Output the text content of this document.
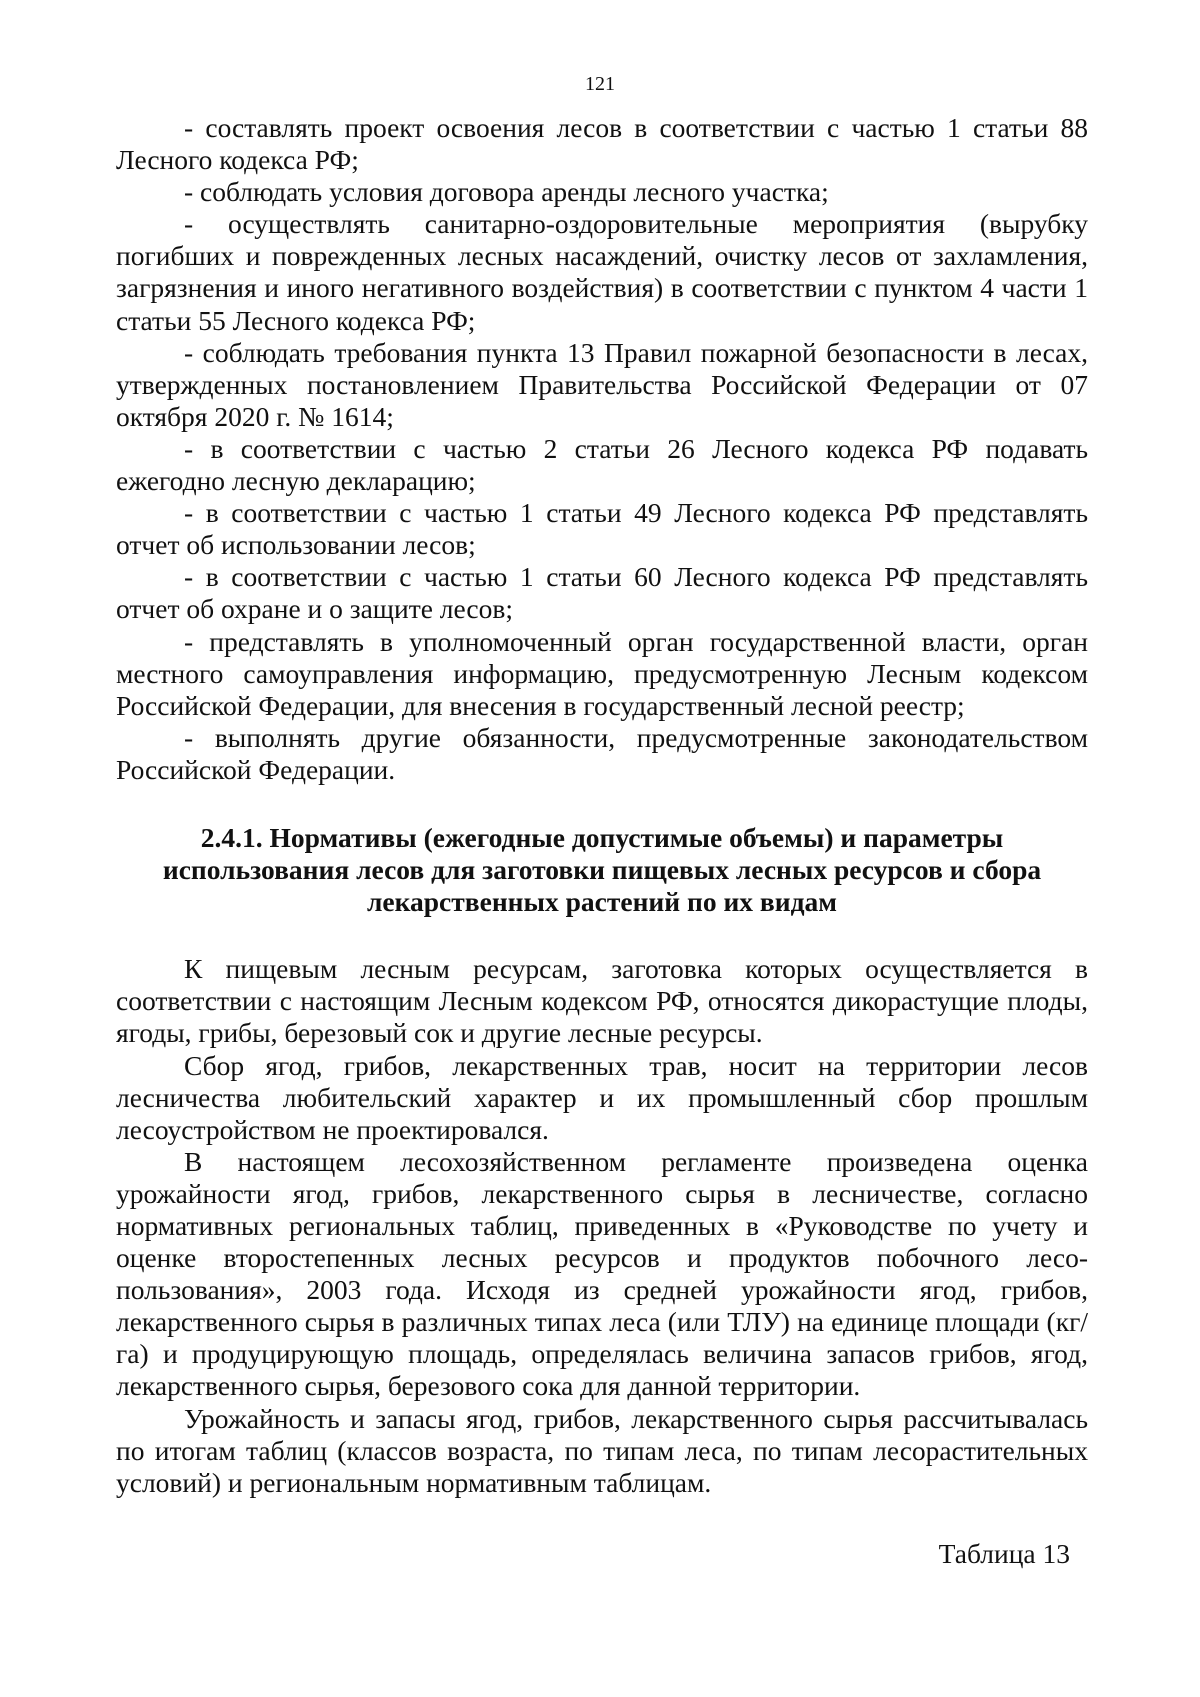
121

- составлять проект освоения лесов в соответствии с частью 1 статьи 88 Лесного кодекса РФ;

- соблюдать условия договора аренды лесного участка;

- осуществлять санитарно-оздоровительные мероприятия (вырубку погибших и поврежденных лесных насаждений, очистку лесов от захламления, загрязнения и иного негативного воздействия) в соответствии с пунктом 4 части 1 статьи 55 Лесного кодекса РФ;

- соблюдать требования пункта 13 Правил пожарной безопасности в лесах, утвержденных постановлением Правительства Российской Федерации от 07 октября 2020 г. № 1614;

- в соответствии с частью 2 статьи 26 Лесного кодекса РФ подавать ежегодно лесную декларацию;

- в соответствии с частью 1 статьи 49 Лесного кодекса РФ представлять отчет об использовании лесов;

- в соответствии с частью 1 статьи 60 Лесного кодекса РФ представлять отчет об охране и о защите лесов;

- представлять в уполномоченный орган государственной власти, орган местного самоуправления информацию, предусмотренную Лесным кодексом Российской Федерации, для внесения в государственный лесной реестр;

- выполнять другие обязанности, предусмотренные законодательством Российской Федерации.

2.4.1. Нормативы (ежегодные допустимые объемы) и параметры
использования лесов для заготовки пищевых лесных ресурсов и сбора
лекарственных растений по их видам

К пищевым лесным ресурсам, заготовка которых осуществляется в соответствии с настоящим Лесным кодексом РФ, относятся дикорастущие плоды, ягоды, грибы, березовый сок и другие лесные ресурсы.

Сбор ягод, грибов, лекарственных трав, носит на территории лесов лесничества любительский характер и их промышленный сбор прошлым лесоустройством не проектировался.

В настоящем лесохозяйственном регламенте произведена оценка урожайности ягод, грибов, лекарственного сырья в лесничестве, согласно нормативных региональных таблиц, приведенных в «Руководстве по учету и оценке второстепенных лесных ресурсов и продуктов побочного лесо-пользования», 2003 года. Исходя из средней урожайности ягод, грибов, лекарственного сырья в различных типах леса (или ТЛУ) на единице площади (кг/га) и продуцирующую площадь, определялась величина запасов грибов, ягод, лекарственного сырья, березового сока для данной территории.

Урожайность и запасы ягод, грибов, лекарственного сырья рассчитывалась по итогам таблиц (классов возраста, по типам леса, по типам лесорастительных условий) и региональным нормативным таблицам.

Таблица 13
